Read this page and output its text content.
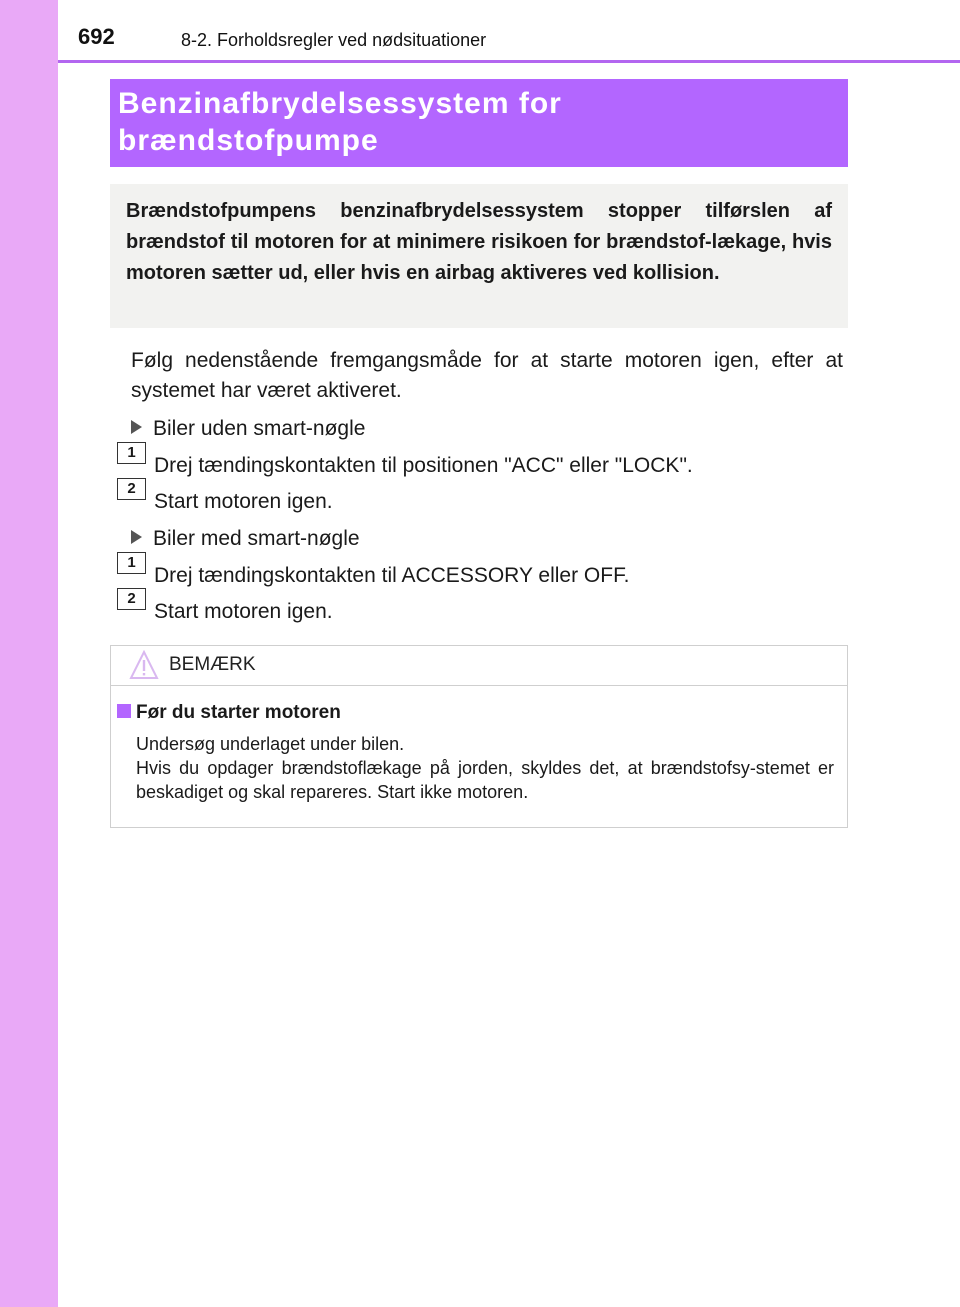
692	8-2. Forholdsregler ved nødsituationer
Benzinafbrydelsessystem for
brændstofpumpe

Brændstofpumpens benzinafbrydelsessystem stopper tilførslen af brændstof til motoren for at minimere risikoen for brændstof-lækage, hvis motoren sætter ud, eller hvis en airbag aktiveres ved kollision.

Følg nedenstående fremgangsmåde for at starte motoren igen, efter at systemet har været aktiveret.

Biler uden smart-nøgle
1Drej tændingskontakten til positionen "ACC" eller "LOCK".
2Start motoren igen.
Biler med smart-nøgle
1Drej tændingskontakten til ACCESSORY eller OFF.
2Start motoren igen.
BEMÆRK
Før du starter motoren
Undersøg underlaget under bilen.
Hvis du opdager brændstoflækage på jorden, skyldes det, at brændstofsy-stemet er beskadiget og skal repareres. Start ikke motoren.
